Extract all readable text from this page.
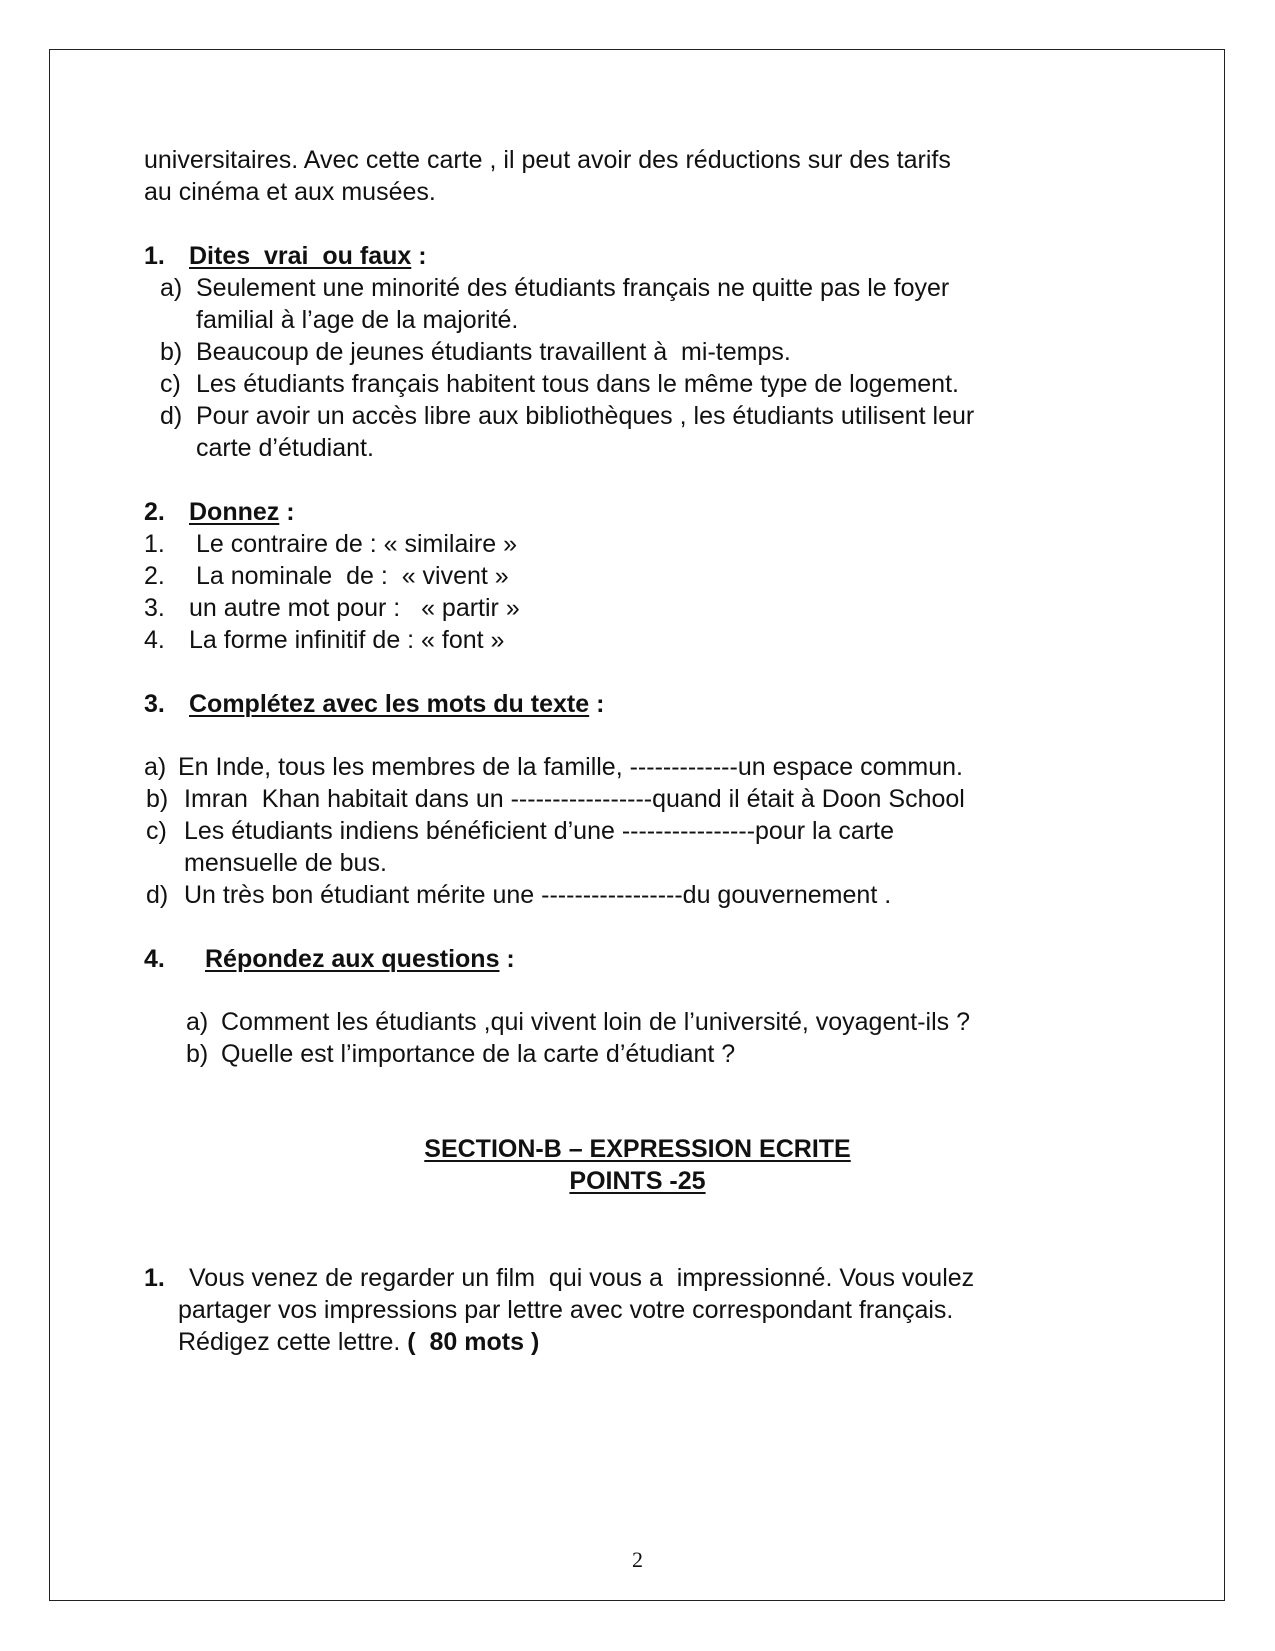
universitaires. Avec cette carte , il peut avoir des réductions sur des tarifs
au cinéma et aux musées.
1. Dites  vrai  ou faux :
a) Seulement une minorité des étudiants français ne quitte pas le foyer
familial à l’age de la majorité.
b) Beaucoup de jeunes étudiants travaillent à  mi-temps.
c) Les étudiants français habitent tous dans le même type de logement.
d) Pour avoir un accès libre aux bibliothèques , les étudiants utilisent leur
carte d’étudiant.
2. Donnez :
1. Le contraire de : « similaire »
2. La nominale  de :  « vivent »
3. un autre mot pour :   « partir »
4. La forme infinitif de : « font »
3. Complétez avec les mots du texte :
a) En Inde, tous les membres de la famille, -------------un espace commun.
b) Imran  Khan habitait dans un -----------------quand il était à Doon School
c) Les étudiants indiens bénéficient d’une ----------------pour la carte
mensuelle de bus.
d) Un très bon étudiant mérite une -----------------du gouvernement .
4. Répondez aux questions :
a) Comment les étudiants ,qui vivent loin de l’université, voyagent-ils ?
b) Quelle est l’importance de la carte d’étudiant ?
SECTION-B – EXPRESSION ECRITE
POINTS -25
1. Vous venez de regarder un film  qui vous a  impressionné. Vous voulez
partager vos impressions par lettre avec votre correspondant français.
Rédigez cette lettre. (  80 mots )
2
